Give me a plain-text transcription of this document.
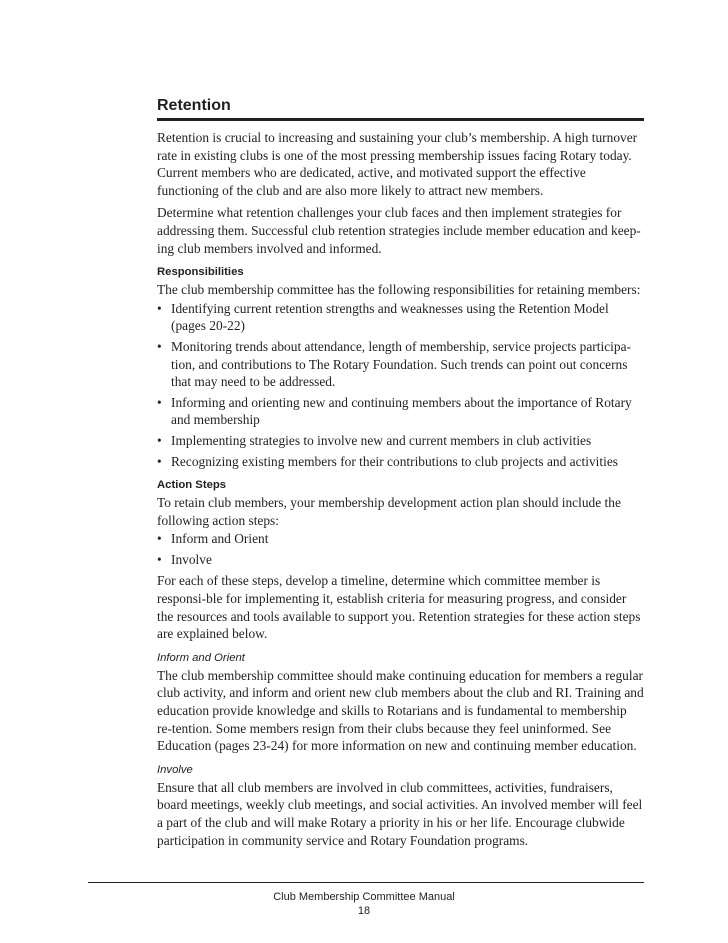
Retention

Retention is crucial to increasing and sustaining your club’s membership. A high turnover rate in existing clubs is one of the most pressing membership issues facing Rotary today. Current members who are dedicated, active, and motivated support the effective functioning of the club and are also more likely to attract new members.

Determine what retention challenges your club faces and then implement strategies for addressing them. Successful club retention strategies include member education and keep-ing club members involved and informed.

Responsibilities

The club membership committee has the following responsibilities for retaining members:

• Identifying current retention strengths and weaknesses using the Retention Model (pages 20-22)
• Monitoring trends about attendance, length of membership, service projects participa-tion, and contributions to The Rotary Foundation. Such trends can point out concerns that may need to be addressed.
• Informing and orienting new and continuing members about the importance of Rotary and membership
• Implementing strategies to involve new and current members in club activities
• Recognizing existing members for their contributions to club projects and activities
Action Steps

To retain club members, your membership development action plan should include the following action steps:

• Inform and Orient
• Involve

For each of these steps, develop a timeline, determine which committee member is responsi-ble for implementing it, establish criteria for measuring progress, and consider the resources and tools available to support you. Retention strategies for these action steps are explained below.

Inform and Orient

The club membership committee should make continuing education for members a regular club activity, and inform and orient new club members about the club and RI. Training and education provide knowledge and skills to Rotarians and is fundamental to membership re-tention. Some members resign from their clubs because they feel uninformed. See Education (pages 23-24) for more information on new and continuing member education.

Involve

Ensure that all club members are involved in club committees, activities, fundraisers, board meetings, weekly club meetings, and social activities. An involved member will feel a part of the club and will make Rotary a priority in his or her life. Encourage clubwide participation in community service and Rotary Foundation programs.

Club Membership Committee Manual
18
